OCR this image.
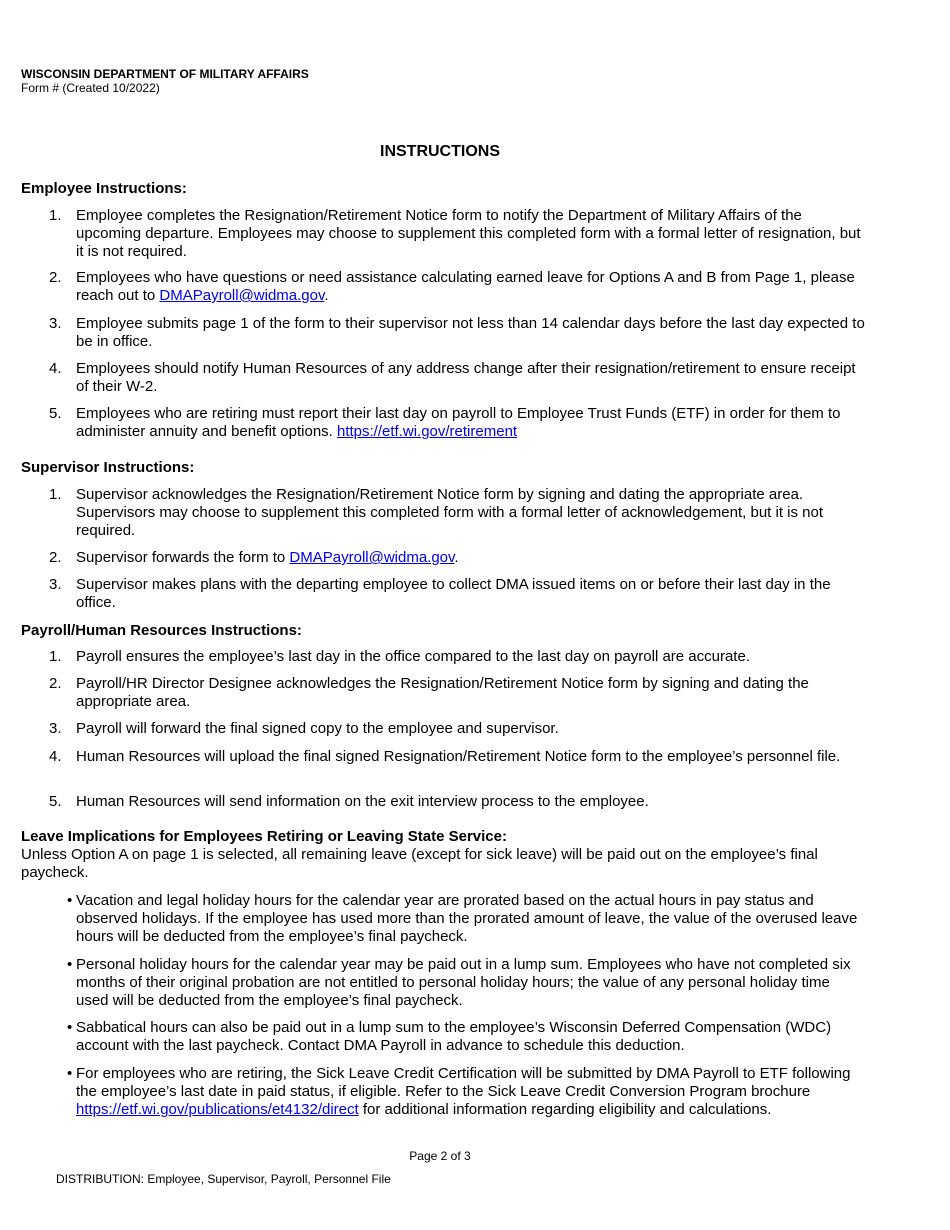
WISCONSIN DEPARTMENT OF MILITARY AFFAIRS
Form # (Created 10/2022)
INSTRUCTIONS
Employee Instructions:
1. Employee completes the Resignation/Retirement Notice form to notify the Department of Military Affairs of the upcoming departure. Employees may choose to supplement this completed form with a formal letter of resignation, but it is not required.
2. Employees who have questions or need assistance calculating earned leave for Options A and B from Page 1, please reach out to DMAPayroll@widma.gov.
3. Employee submits page 1 of the form to their supervisor not less than 14 calendar days before the last day expected to be in office.
4. Employees should notify Human Resources of any address change after their resignation/retirement to ensure receipt of their W-2.
5. Employees who are retiring must report their last day on payroll to Employee Trust Funds (ETF) in order for them to administer annuity and benefit options. https://etf.wi.gov/retirement
Supervisor Instructions:
1. Supervisor acknowledges the Resignation/Retirement Notice form by signing and dating the appropriate area. Supervisors may choose to supplement this completed form with a formal letter of acknowledgement, but it is not required.
2. Supervisor forwards the form to DMAPayroll@widma.gov.
3. Supervisor makes plans with the departing employee to collect DMA issued items on or before their last day in the office.
Payroll/Human Resources Instructions:
1. Payroll ensures the employee’s last day in the office compared to the last day on payroll are accurate.
2. Payroll/HR Director Designee acknowledges the Resignation/Retirement Notice form by signing and dating the appropriate area.
3. Payroll will forward the final signed copy to the employee and supervisor.
4. Human Resources will upload the final signed Resignation/Retirement Notice form to the employee’s personnel file.
5. Human Resources will send information on the exit interview process to the employee.
Leave Implications for Employees Retiring or Leaving State Service:
Unless Option A on page 1 is selected, all remaining leave (except for sick leave) will be paid out on the employee’s final paycheck.
• Vacation and legal holiday hours for the calendar year are prorated based on the actual hours in pay status and observed holidays. If the employee has used more than the prorated amount of leave, the value of the overused leave hours will be deducted from the employee’s final paycheck.
• Personal holiday hours for the calendar year may be paid out in a lump sum. Employees who have not completed six months of their original probation are not entitled to personal holiday hours; the value of any personal holiday time used will be deducted from the employee’s final paycheck.
• Sabbatical hours can also be paid out in a lump sum to the employee’s Wisconsin Deferred Compensation (WDC) account with the last paycheck. Contact DMA Payroll in advance to schedule this deduction.
• For employees who are retiring, the Sick Leave Credit Certification will be submitted by DMA Payroll to ETF following the employee’s last date in paid status, if eligible. Refer to the Sick Leave Credit Conversion Program brochure https://etf.wi.gov/publications/et4132/direct for additional information regarding eligibility and calculations.
Page 2 of 3
DISTRIBUTION: Employee, Supervisor, Payroll, Personnel File
